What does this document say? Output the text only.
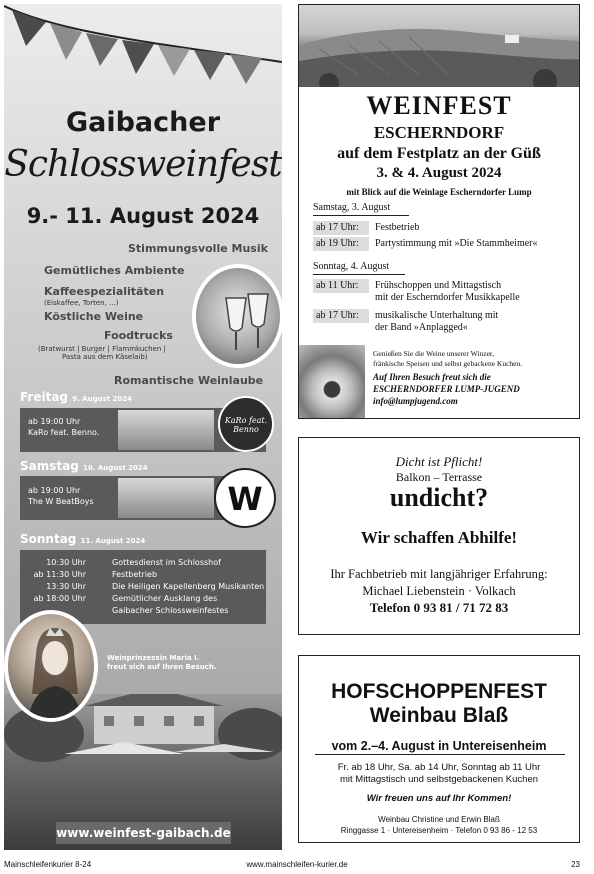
Gaibacher
Schlossweinfest
9.- 11. August 2024
Stimmungsvolle Musik
Gemütliches Ambiente
Kaffeespezialitäten
(Eiskaffee, Torten, ...)
Köstliche Weine
Foodtrucks
(Bratwurst | Burger | Flammkuchen |
Pasta aus dem Käselaib)
Romantische Weinlaube
Freitag 9. August 2024
ab 19:00 Uhr
KaRo feat. Benno.
KaRo feat. Benno
Samstag 10. August 2024
ab 19:00 Uhr
The W BeatBoys	W
Sonntag 11. August 2024
10:30 Uhr	Gottesdienst im Schlosshof
ab 11:30 Uhr	Festbetrieb
13:30 Uhr	Die Heiligen Kapellenberg Musikanten
ab 18:00 Uhr	Gemütlicher Ausklang des
Gaibacher Schlossweinfestes
Weinprinzessin Maria I.
freut sich auf Ihren Besuch.
www.weinfest-gaibach.de
WEINFEST
ESCHERNDORF
auf dem Festplatz an der Güß
3. & 4. August 2024
mit Blick auf die Weinlage Escherndorfer Lump
Samstag, 3. August
ab 17 Uhr:	Festbetrieb
ab 19 Uhr:	Partystimmung mit »Die Stammheimer«
Sonntag, 4. August
ab 11 Uhr:	Frühschoppen und Mittagstisch
mit der Escherndorfer Musikkapelle
ab 17 Uhr:	musikalische Unterhaltung mit
der Band »Anplagged«
Genießen Sie die Weine unserer Winzer,
fränkische Speisen und selbst gebackene Kuchen.
Auf Ihren Besuch freut sich die
ESCHERNDORFER LUMP-JUGEND
info@lumpjugend.com
Dicht ist Pflicht!
Balkon – Terrasse
undicht?
Wir schaffen Abhilfe!
Ihr Fachbetrieb mit langjähriger Erfahrung:
Michael Liebenstein · Volkach
Telefon 0 93 81 / 71 72 83
HOFSCHOPPENFEST
Weinbau Blaß
vom 2.–4. August in Untereisenheim
Fr. ab 18 Uhr, Sa. ab 14 Uhr, Sonntag ab 11 Uhr
mit Mittagstisch und selbstgebackenen Kuchen
Wir freuen uns auf Ihr Kommen!
Weinbau Christine und Erwin Blaß
Ringgasse 1 · Untereisenheim · Telefon 0 93 86 - 12 53
Mainschleifenkurier 8-24	www.mainschleifen-kurier.de	23
